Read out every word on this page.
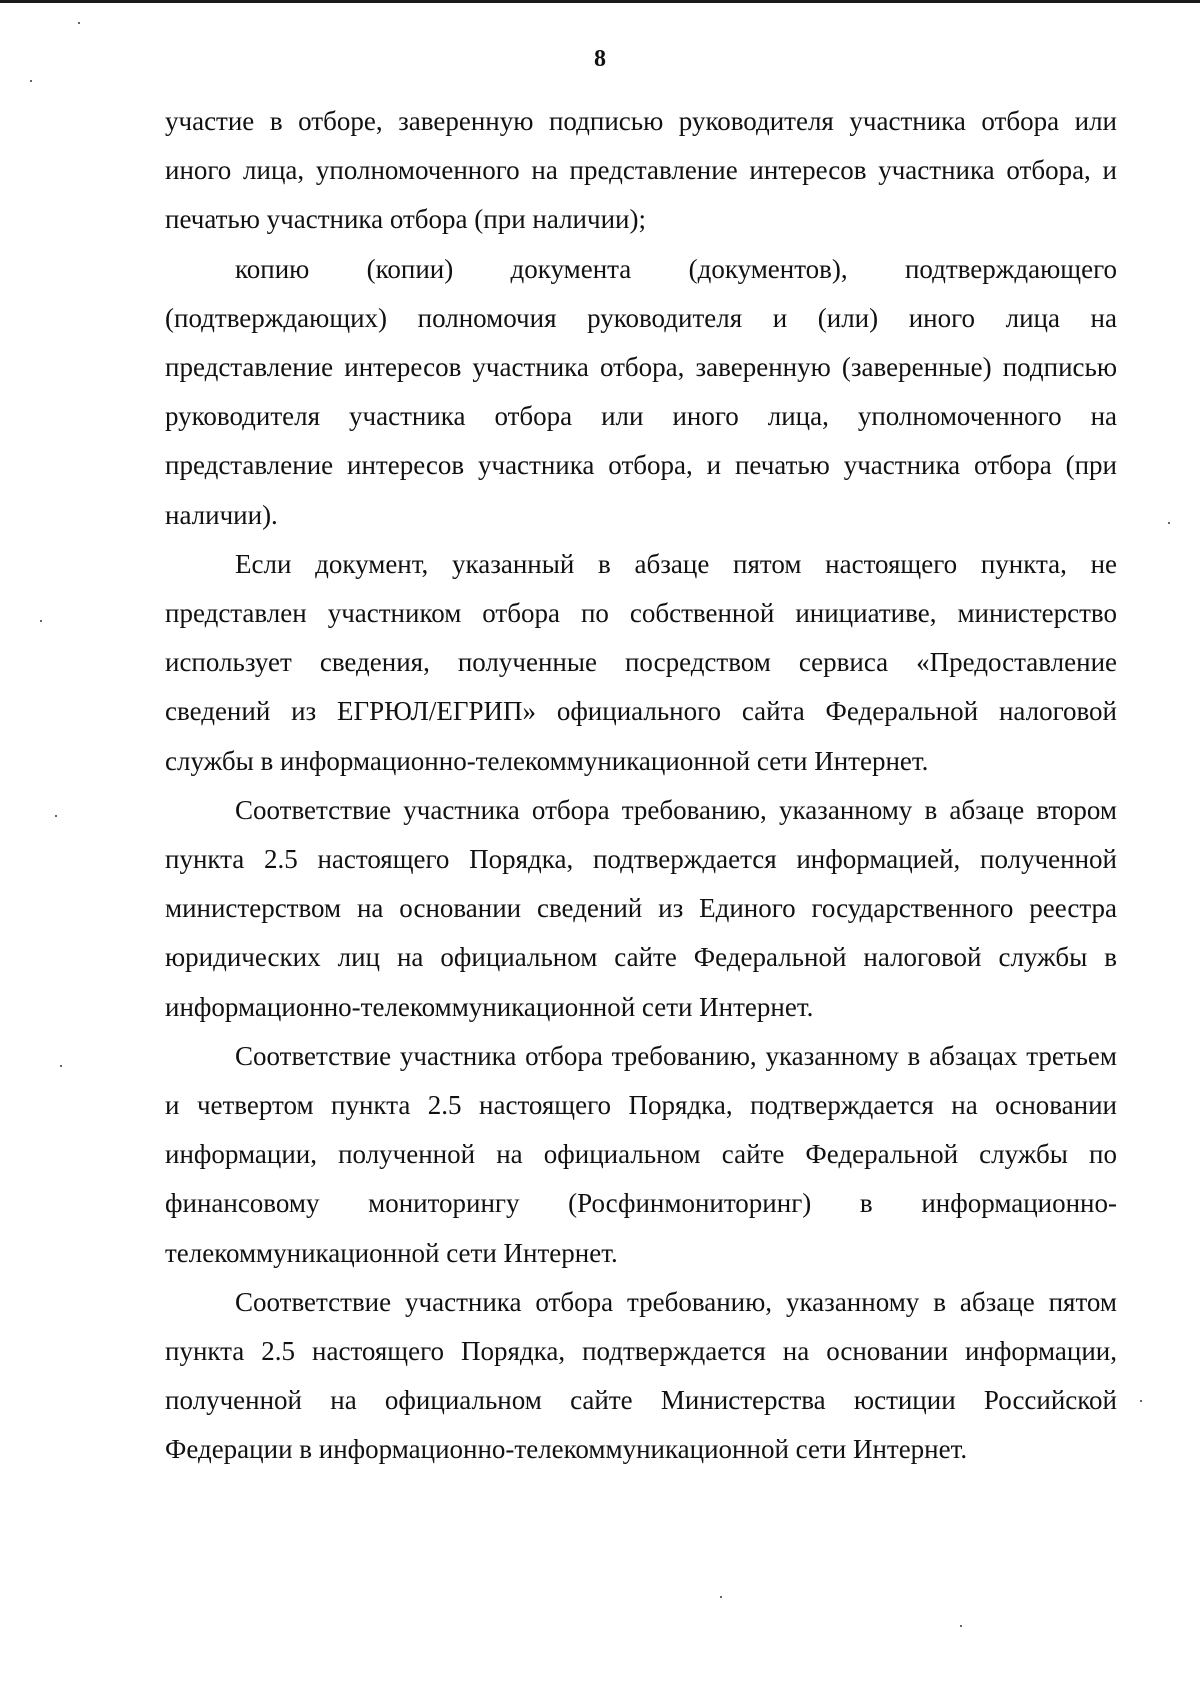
8

участие в отборе, заверенную подписью руководителя участника отбора или иного лица, уполномоченного на представление интересов участника отбора, и печатью участника отбора (при наличии);

копию (копии) документа (документов), подтверждающего (подтверждающих) полномочия руководителя и (или) иного лица на представление интересов участника отбора, заверенную (заверенные) подписью руководителя участника отбора или иного лица, уполномоченного на представление интересов участника отбора, и печатью участника отбора (при наличии).

Если документ, указанный в абзаце пятом настоящего пункта, не представлен участником отбора по собственной инициативе, министерство использует сведения, полученные посредством сервиса «Предоставление сведений из ЕГРЮЛ/ЕГРИП» официального сайта Федеральной налоговой службы в информационно-телекоммуникационной сети Интернет.

Соответствие участника отбора требованию, указанному в абзаце втором пункта 2.5 настоящего Порядка, подтверждается информацией, полученной министерством на основании сведений из Единого государственного реестра юридических лиц на официальном сайте Федеральной налоговой службы в информационно-телекоммуникационной сети Интернет.

Соответствие участника отбора требованию, указанному в абзацах третьем и четвертом пункта 2.5 настоящего Порядка, подтверждается на основании информации, полученной на официальном сайте Федеральной службы по финансовому мониторингу (Росфинмониторинг) в информационно-телекоммуникационной сети Интернет.

Соответствие участника отбора требованию, указанному в абзаце пятом пункта 2.5 настоящего Порядка, подтверждается на основании информации, полученной на официальном сайте Министерства юстиции Российской Федерации в информационно-телекоммуникационной сети Интернет.
